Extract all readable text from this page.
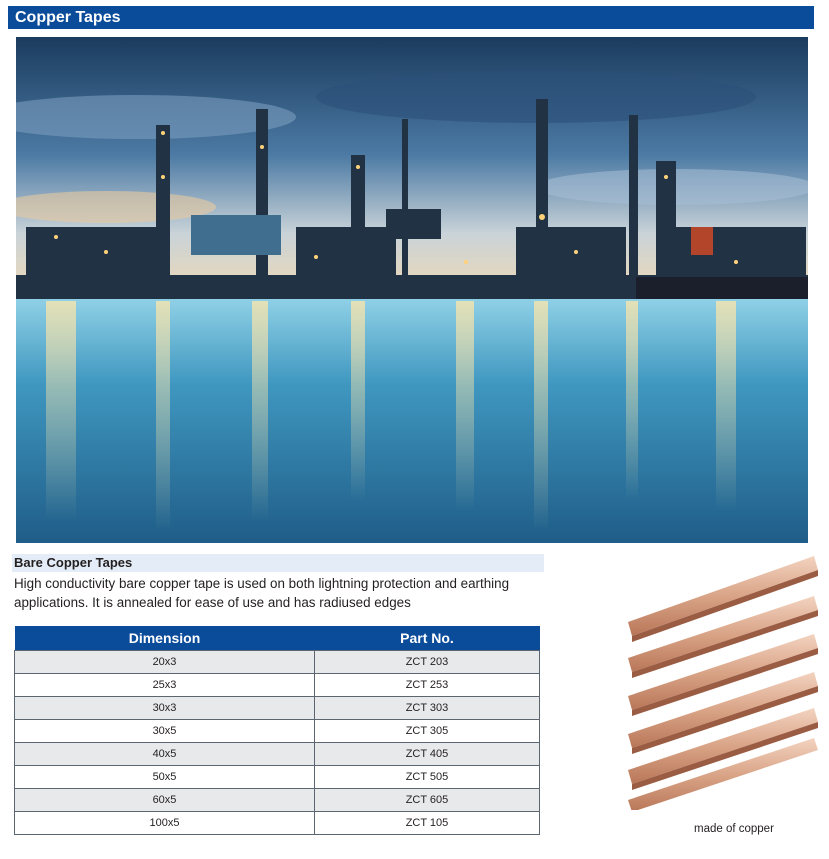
Copper Tapes
Bare Copper Tapes
High conductivity bare copper tape is used on both lightning protection and earthing
applications. It is annealed for ease of use and has radiused edges
Dimension	Part No.
20x3	ZCT 203
25x3	ZCT 253
30x3	ZCT 303
30x5	ZCT 305
40x5	ZCT 405
50x5	ZCT 505
60x5	ZCT 605
100x5	ZCT 105	made of copper
